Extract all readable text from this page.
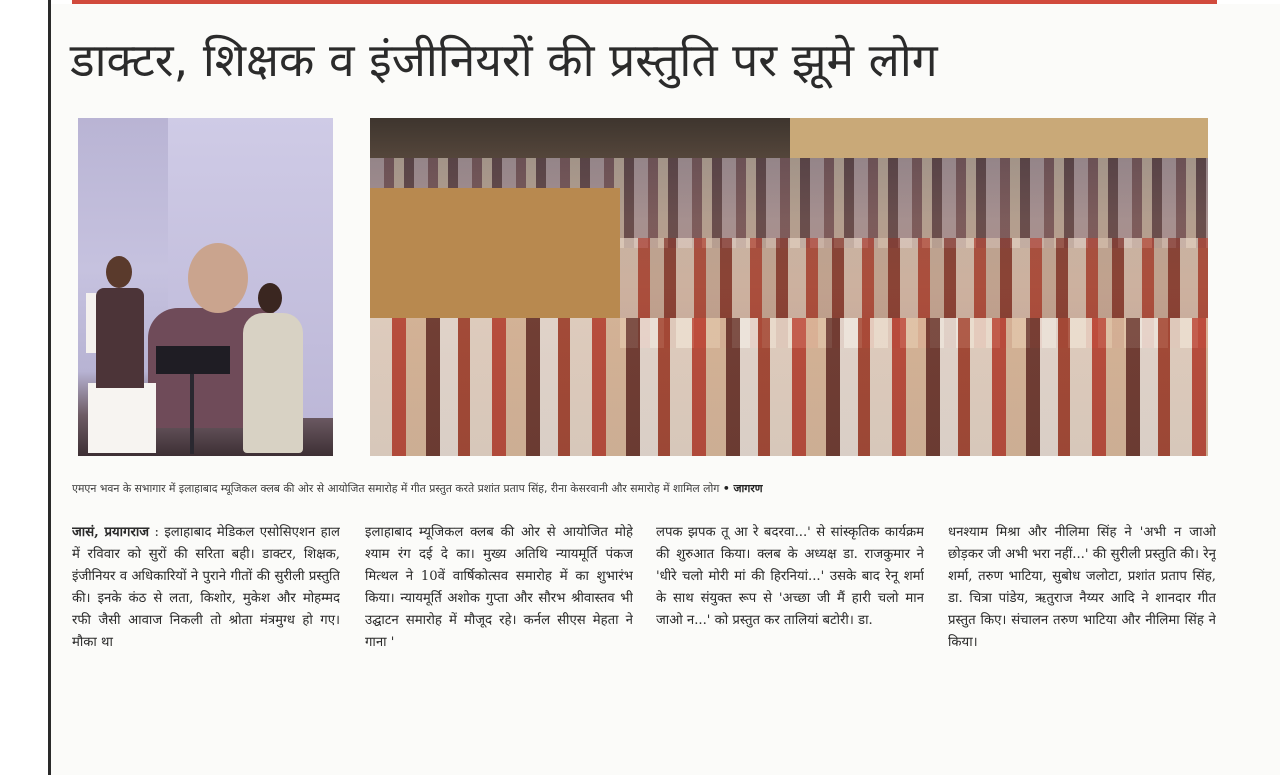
डाक्टर, शिक्षक व इंजीनियरों की प्रस्तुति पर झूमे लोग
एमएन भवन के सभागार में इलाहाबाद म्यूजिकल क्लब की ओर से आयोजित समारोह में गीत प्रस्तुत करते प्रशांत प्रताप सिंह, रीना केसरवानी और समारोह में शामिल लोग • जागरण

जासं, प्रयागराज : इलाहाबाद मेडिकल एसोसिएशन हाल में रविवार को सुरों की सरिता बही। डाक्टर, शिक्षक, इंजीनियर व अधिकारियों ने पुराने गीतों की सुरीली प्रस्तुति की। इनके कंठ से लता, किशोर, मुकेश और मोहम्मद रफी जैसी आवाज निकली तो श्रोता मंत्रमुग्ध हो गए। मौका था

इलाहाबाद म्यूजिकल क्लब की ओर से आयोजित मोहे श्याम रंग दई दे का। मुख्य अतिथि न्यायमूर्ति पंकज मित्थल ने 10वें वार्षिकोत्सव समारोह में का शुभारंभ किया। न्यायमूर्ति अशोक गुप्ता और सौरभ श्रीवास्तव भी उद्घाटन समारोह में मौजूद रहे। कर्नल सीएस मेहता ने गाना '

लपक झपक तू आ रे बदरवा...' से सांस्कृतिक कार्यक्रम की शुरुआत किया। क्लब के अध्यक्ष डा. राजकुमार ने 'धीरे चलो मोरी मां की हिरनियां...' उसके बाद रेनू शर्मा के साथ संयुक्त रूप से 'अच्छा जी मैं हारी चलो मान जाओ न...' को प्रस्तुत कर तालियां बटोरी। डा.

धनश्याम मिश्रा और नीलिमा सिंह ने 'अभी न जाओ छोड़कर जी अभी भरा नहीं...' की सुरीली प्रस्तुति की। रेनू शर्मा, तरुण भाटिया, सुबोध जलोटा, प्रशांत प्रताप सिंह, डा. चित्रा पांडेय, ऋतुराज नैय्यर आदि ने शानदार गीत प्रस्तुत किए। संचालन तरुण भाटिया और नीलिमा सिंह ने किया।
